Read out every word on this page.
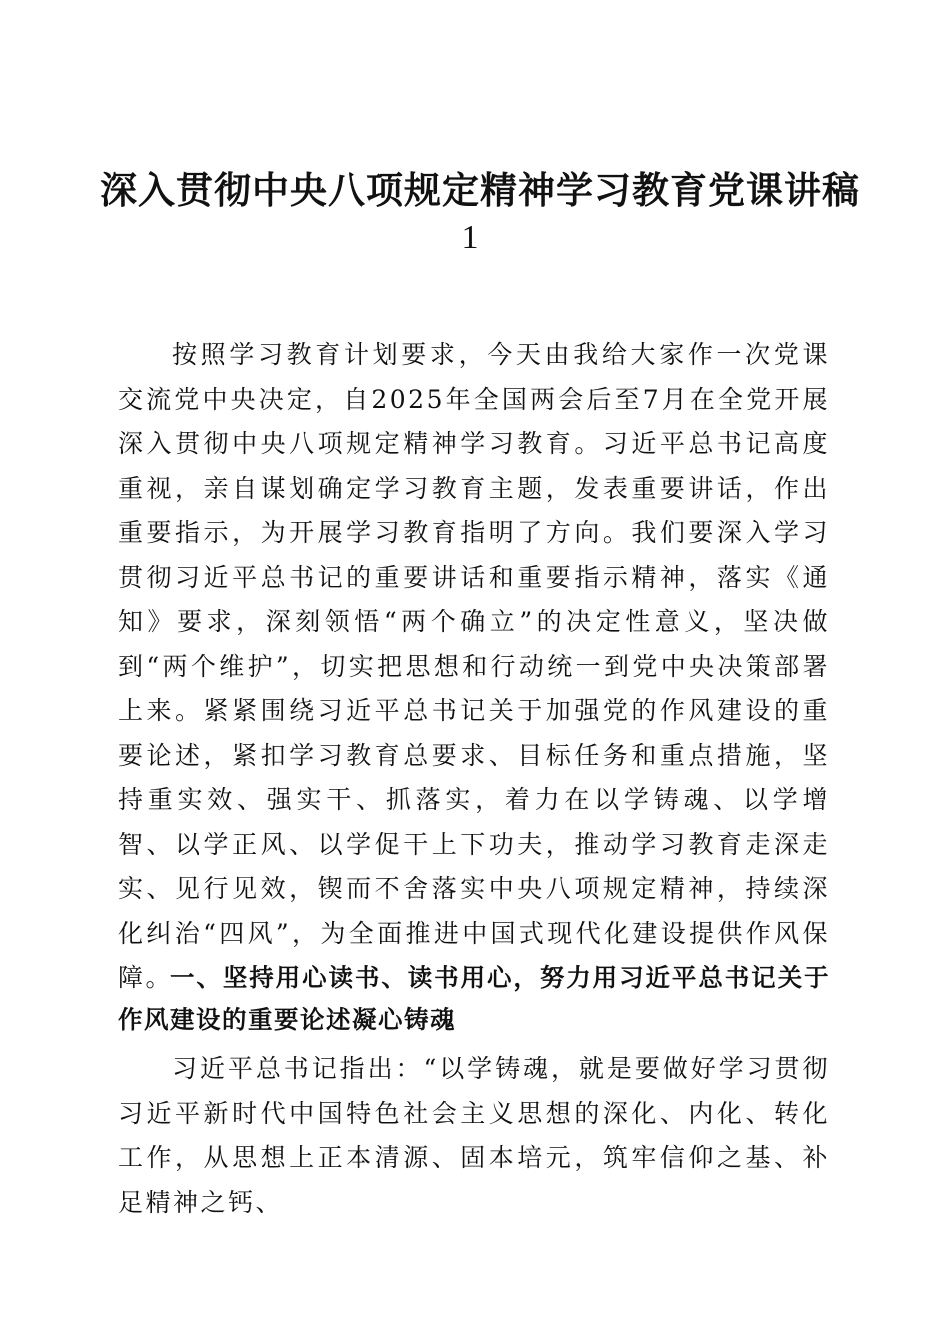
深入贯彻中央八项规定精神学习教育党课讲稿
1
按照学习教育计划要求，今天由我给大家作一次党课交流党中央决定，自2025年全国两会后至7月在全党开展深入贯彻中央八项规定精神学习教育。习近平总书记高度重视，亲自谋划确定学习教育主题，发表重要讲话，作出重要指示，为开展学习教育指明了方向。我们要深入学习贯彻习近平总书记的重要讲话和重要指示精神，落实《通知》要求，深刻领悟“两个确立”的决定性意义，坚决做到“两个维护”，切实把思想和行动统一到党中央决策部署上来。紧紧围绕习近平总书记关于加强党的作风建设的重要论述，紧扣学习教育总要求、目标任务和重点措施，坚持重实效、强实干、抓落实，着力在以学铸魂、以学增智、以学正风、以学促干上下功夫，推动学习教育走深走实、见行见效，锲而不舍落实中央八项规定精神，持续深化纠治“四风”，为全面推进中国式现代化建设提供作风保障。
一、坚持用心读书、读书用心，努力用习近平总书记关于作风建设的重要论述凝心铸魂
习近平总书记指出：“以学铸魂，就是要做好学习贯彻习近平新时代中国特色社会主义思想的深化、内化、转化工作，从思想上正本清源、固本培元，筑牢信仰之基、补足精神之钙、
